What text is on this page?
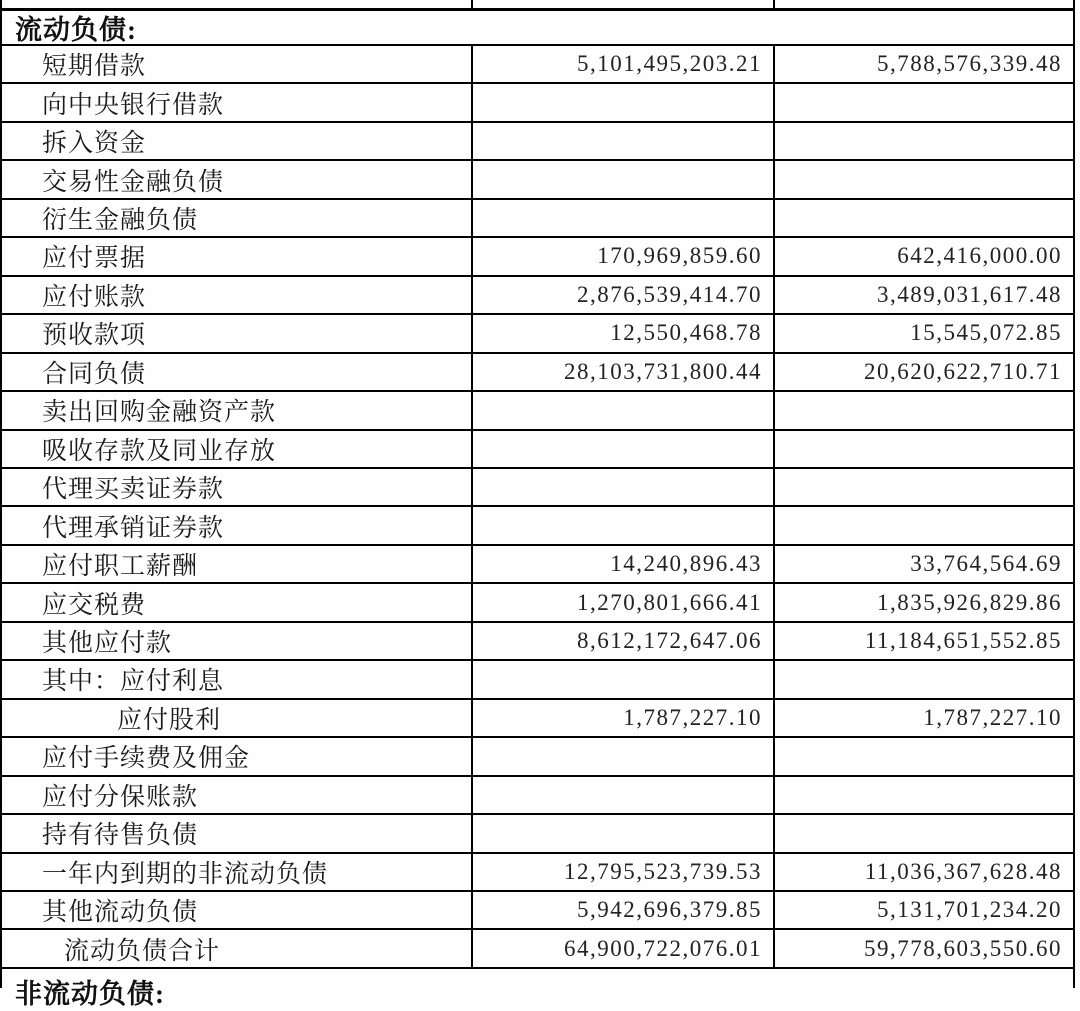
流动负债:
短期借款	5,101,495,203.21	5,788,576,339.48
向中央银行借款
拆入资金
交易性金融负债
衍生金融负债
应付票据	170,969,859.60	642,416,000.00
应付账款	2,876,539,414.70	3,489,031,617.48
预收款项	12,550,468.78	15,545,072.85
合同负债	28,103,731,800.44	20,620,622,710.71
卖出回购金融资产款
吸收存款及同业存放
代理买卖证券款
代理承销证券款
应付职工薪酬	14,240,896.43	33,764,564.69
应交税费	1,270,801,666.41	1,835,926,829.86
其他应付款	8,612,172,647.06	11,184,651,552.85
其中：应付利息
应付股利	1,787,227.10	1,787,227.10
应付手续费及佣金
应付分保账款
持有待售负债
一年内到期的非流动负债	12,795,523,739.53	11,036,367,628.48
其他流动负债	5,942,696,379.85	5,131,701,234.20
流动负债合计	64,900,722,076.01	59,778,603,550.60
非流动负债:
